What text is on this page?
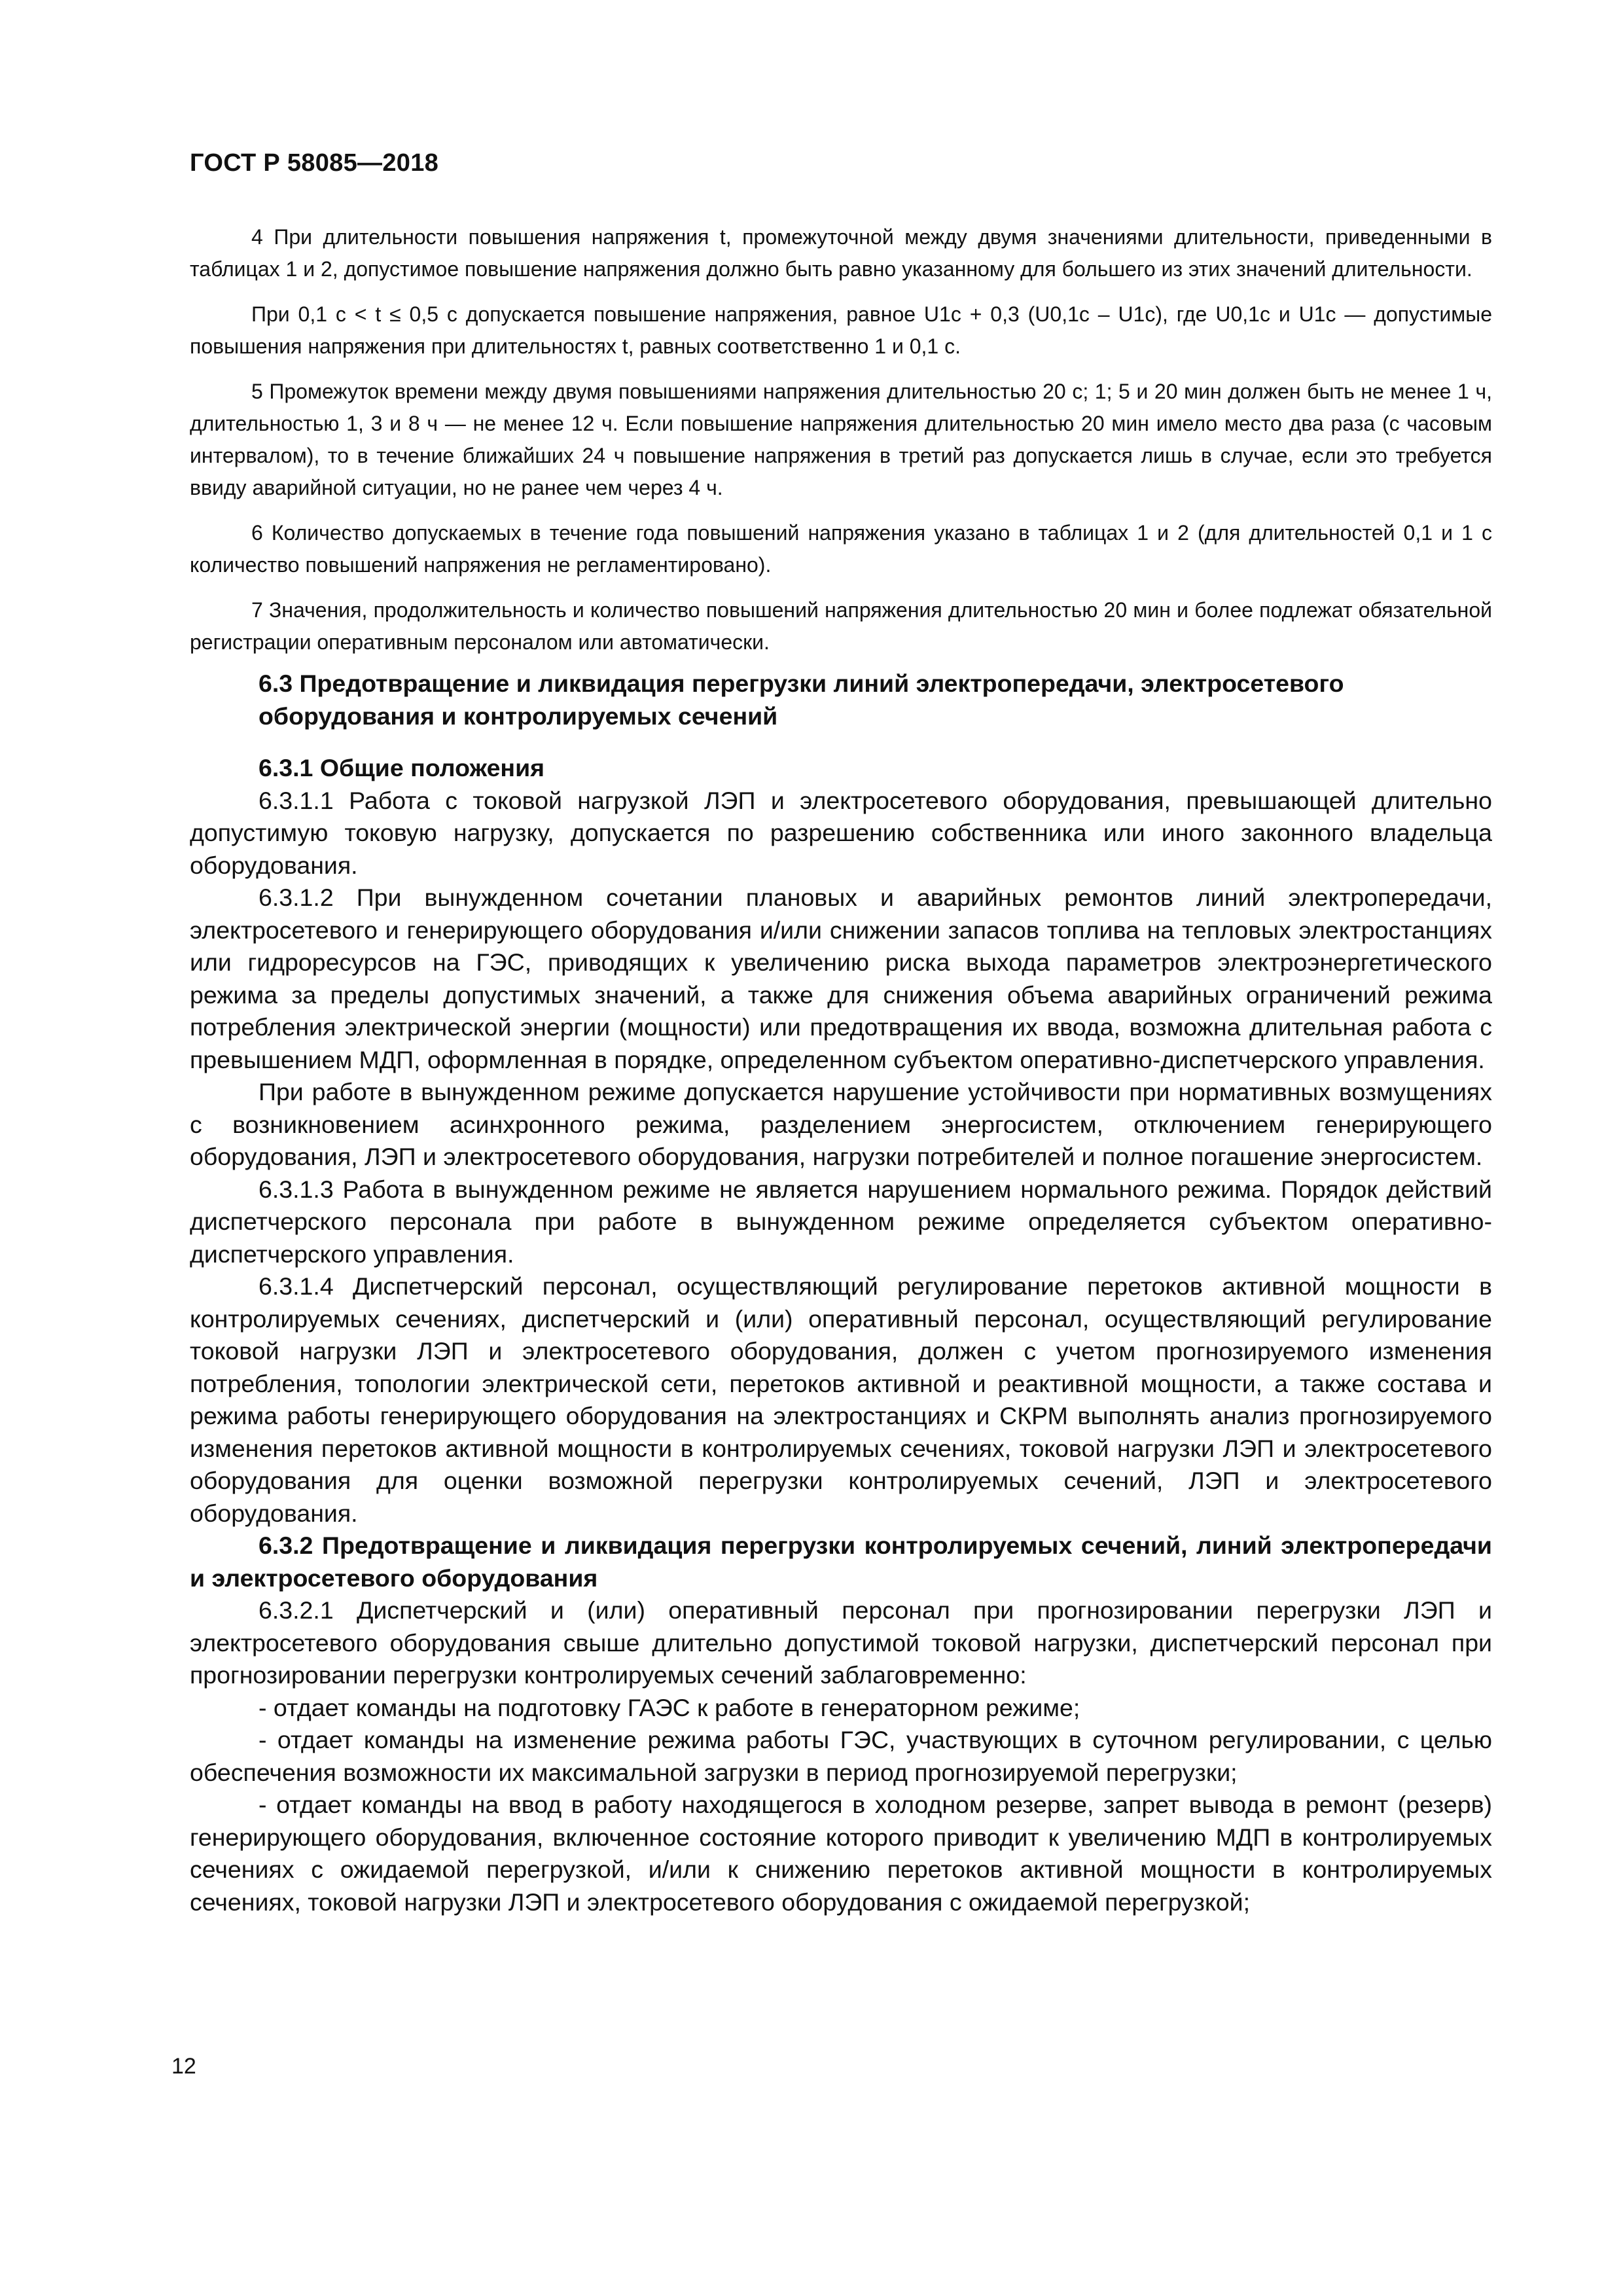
ГОСТ Р 58085—2018

4 При длительности повышения напряжения t, промежуточной между двумя значениями длительности, приведенными в таблицах 1 и 2, допустимое повышение напряжения должно быть равно указанному для большего из этих значений длительности.

При 0,1 с < t ≤ 0,5 с допускается повышение напряжения, равное U1c + 0,3 (U0,1c – U1c), где U0,1c и U1c — допустимые повышения напряжения при длительностях t, равных соответственно 1 и 0,1 с.

5 Промежуток времени между двумя повышениями напряжения длительностью 20 с; 1; 5 и 20 мин должен быть не менее 1 ч, длительностью 1, 3 и 8 ч — не менее 12 ч. Если повышение напряжения длительностью 20 мин имело место два раза (с часовым интервалом), то в течение ближайших 24 ч повышение напряжения в третий раз допускается лишь в случае, если это требуется ввиду аварийной ситуации, но не ранее чем через 4 ч.

6 Количество допускаемых в течение года повышений напряжения указано в таблицах 1 и 2 (для длительностей 0,1 и 1 с количество повышений напряжения не регламентировано).

7 Значения, продолжительность и количество повышений напряжения длительностью 20 мин и более подлежат обязательной регистрации оперативным персоналом или автоматически.

6.3 Предотвращение и ликвидация перегрузки линий электропередачи, электросетевого оборудования и контролируемых сечений
6.3.1 Общие положения

6.3.1.1 Работа с токовой нагрузкой ЛЭП и электросетевого оборудования, превышающей длительно допустимую токовую нагрузку, допускается по разрешению собственника или иного законного владельца оборудования.

6.3.1.2 При вынужденном сочетании плановых и аварийных ремонтов линий электропередачи, электросетевого и генерирующего оборудования и/или снижении запасов топлива на тепловых электростанциях или гидроресурсов на ГЭС, приводящих к увеличению риска выхода параметров электроэнергетического режима за пределы допустимых значений, а также для снижения объема аварийных ограничений режима потребления электрической энергии (мощности) или предотвращения их ввода, возможна длительная работа с превышением МДП, оформленная в порядке, определенном субъектом оперативно-диспетчерского управления.

При работе в вынужденном режиме допускается нарушение устойчивости при нормативных возмущениях с возникновением асинхронного режима, разделением энергосистем, отключением генерирующего оборудования, ЛЭП и электросетевого оборудования, нагрузки потребителей и полное погашение энергосистем.

6.3.1.3 Работа в вынужденном режиме не является нарушением нормального режима. Порядок действий диспетчерского персонала при работе в вынужденном режиме определяется субъектом оперативно-диспетчерского управления.

6.3.1.4 Диспетчерский персонал, осуществляющий регулирование перетоков активной мощности в контролируемых сечениях, диспетчерский и (или) оперативный персонал, осуществляющий регулирование токовой нагрузки ЛЭП и электросетевого оборудования, должен с учетом прогнозируемого изменения потребления, топологии электрической сети, перетоков активной и реактивной мощности, а также состава и режима работы генерирующего оборудования на электростанциях и СКРМ выполнять анализ прогнозируемого изменения перетоков активной мощности в контролируемых сечениях, токовой нагрузки ЛЭП и электросетевого оборудования для оценки возможной перегрузки контролируемых сечений, ЛЭП и электросетевого оборудования.

6.3.2 Предотвращение и ликвидация перегрузки контролируемых сечений, линий электропередачи и электросетевого оборудования

6.3.2.1 Диспетчерский и (или) оперативный персонал при прогнозировании перегрузки ЛЭП и электросетевого оборудования свыше длительно допустимой токовой нагрузки, диспетчерский персонал при прогнозировании перегрузки контролируемых сечений заблаговременно:

- отдает команды на подготовку ГАЭС к работе в генераторном режиме;

- отдает команды на изменение режима работы ГЭС, участвующих в суточном регулировании, с целью обеспечения возможности их максимальной загрузки в период прогнозируемой перегрузки;

- отдает команды на ввод в работу находящегося в холодном резерве, запрет вывода в ремонт (резерв) генерирующего оборудования, включенное состояние которого приводит к увеличению МДП в контролируемых сечениях с ожидаемой перегрузкой, и/или к снижению перетоков активной мощности в контролируемых сечениях, токовой нагрузки ЛЭП и электросетевого оборудования с ожидаемой перегрузкой;

12
